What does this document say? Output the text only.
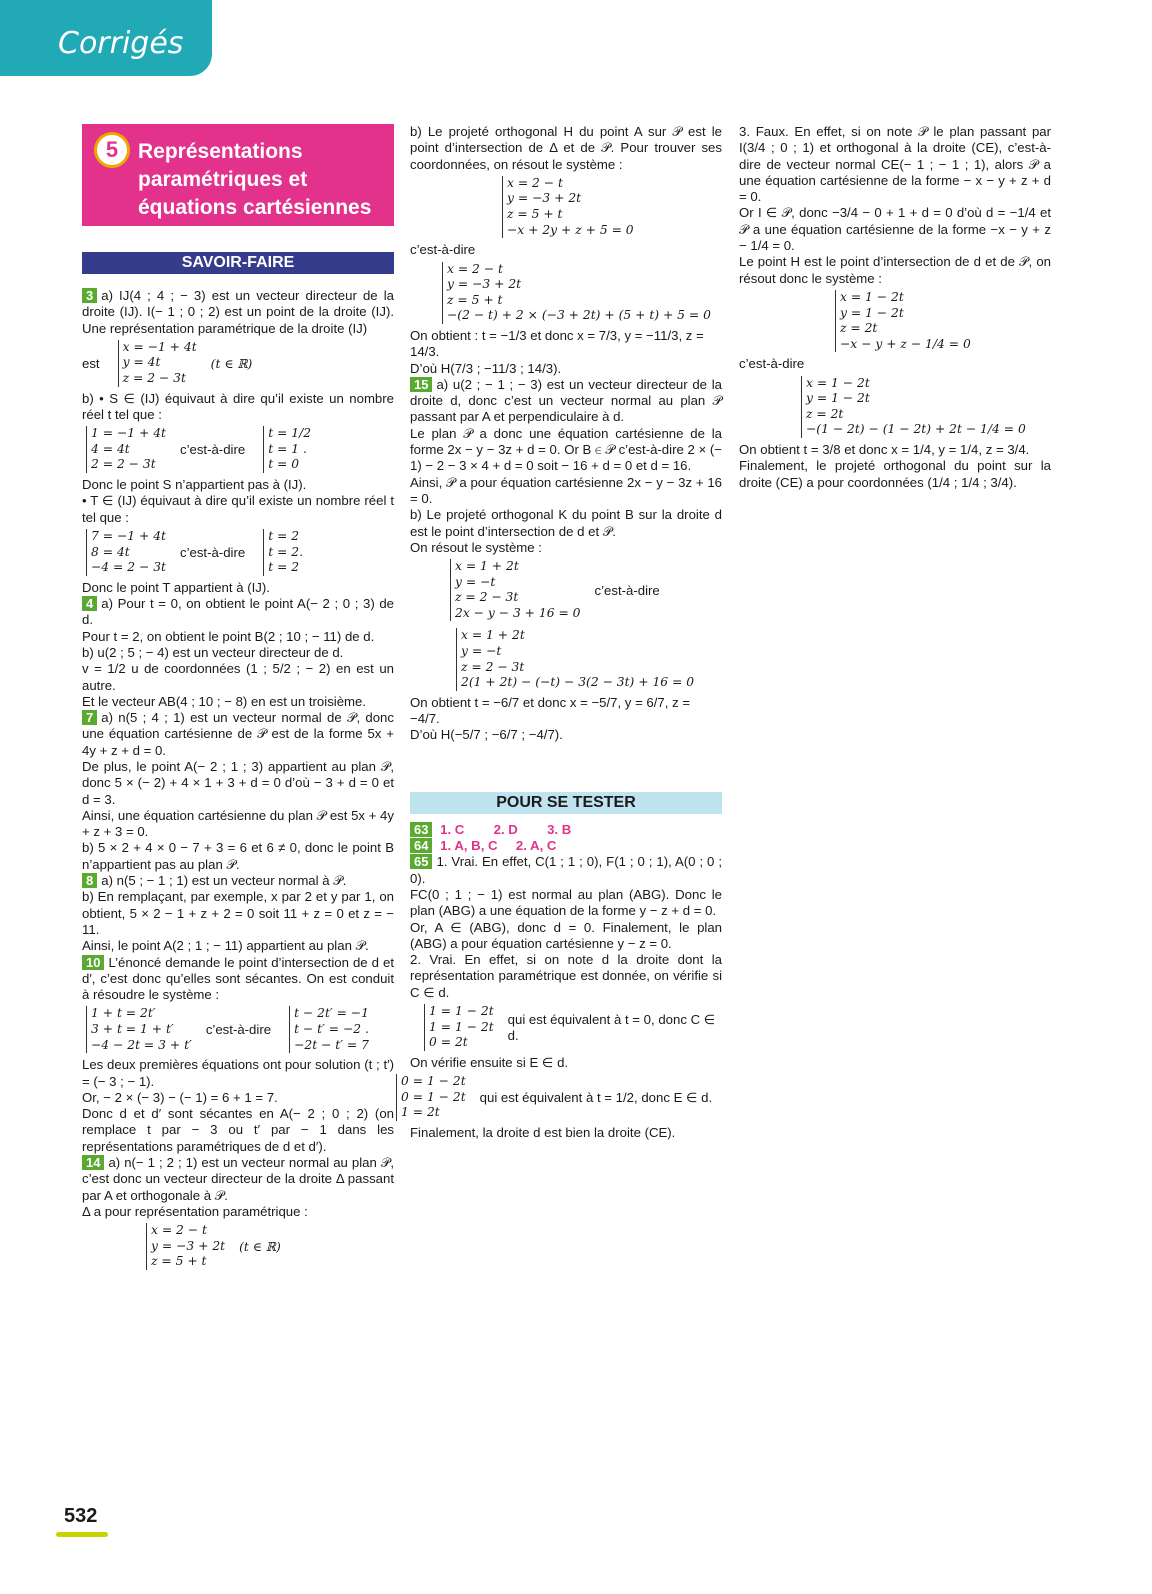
Corrigés
5 Représentations paramétriques et équations cartésiennes
SAVOIR-FAIRE

3 a) IJ(4 ; 4 ; − 3) est un vecteur directeur de la droite (IJ). I(− 1 ; 0 ; 2) est un point de la droite (IJ). Une représentation paramétrique de la droite (IJ)

est
x = −1 + 4t
y = 4t
z = 2 − 3t
(t ∈ ℝ)

b) • S ∈ (IJ) équivaut à dire qu’il existe un nombre réel t tel que :

1 = −1 + 4t
4 = 4t
2 = 2 − 3t
c’est-à-dire
t = 1/2
t = 1 .
t = 0

Donc le point S n’appartient pas à (IJ).

• T ∈ (IJ) équivaut à dire qu’il existe un nombre réel t tel que :

7 = −1 + 4t
8 = 4t
−4 = 2 − 3t
c’est-à-dire
t = 2
t = 2.
t = 2

Donc le point T appartient à (IJ).

4 a) Pour t = 0, on obtient le point A(− 2 ; 0 ; 3) de d.

Pour t = 2, on obtient le point B(2 ; 10 ; − 11) de d.

b) u(2 ; 5 ; − 4) est un vecteur directeur de d.

v = 1/2 u de coordonnées (1 ; 5/2 ; − 2) en est un autre.

Et le vecteur AB(4 ; 10 ; − 8) en est un troisième.

7 a) n(5 ; 4 ; 1) est un vecteur normal de 𝒫, donc une équation cartésienne de 𝒫 est de la forme 5x + 4y + z + d = 0.

De plus, le point A(− 2 ; 1 ; 3) appartient au plan 𝒫, donc 5 × (− 2) + 4 × 1 + 3 + d = 0 d’où − 3 + d = 0 et d = 3.

Ainsi, une équation cartésienne du plan 𝒫 est 5x + 4y + z + 3 = 0.

b) 5 × 2 + 4 × 0 − 7 + 3 = 6 et 6 ≠ 0, donc le point B n’appartient pas au plan 𝒫.

8 a) n(5 ; − 1 ; 1) est un vecteur normal à 𝒫.

b) En remplaçant, par exemple, x par 2 et y par 1, on obtient, 5 × 2 − 1 + z + 2 = 0 soit 11 + z = 0 et z = − 11.

Ainsi, le point A(2 ; 1 ; − 11) appartient au plan 𝒫.

10 L’énoncé demande le point d’intersection de d et d′, c’est donc qu’elles sont sécantes. On est conduit à résoudre le système :

1 + t = 2t′
3 + t = 1 + t′
−4 − 2t = 3 + t′
c’est-à-dire
t − 2t′ = −1
t − t′ = −2 .
−2t − t′ = 7

Les deux premières équations ont pour solution (t ; t′) = (− 3 ; − 1).

Or, − 2 × (− 3) − (− 1) = 6 + 1 = 7.

Donc d et d′ sont sécantes en A(− 2 ; 0 ; 2) (on remplace t par − 3 ou t′ par − 1 dans les représentations paramétriques de d et d′).

14 a) n(− 1 ; 2 ; 1) est un vecteur normal au plan 𝒫, c’est donc un vecteur directeur de la droite Δ passant par A et orthogonale à 𝒫.

Δ a pour représentation paramétrique :

x = 2 − t
y = −3 + 2t
z = 5 + t
(t ∈ ℝ)

b) Le projeté orthogonal H du point A sur 𝒫 est le point d’intersection de Δ et de 𝒫. Pour trouver ses coordonnées, on résout le système :

x = 2 − t
y = −3 + 2t
z = 5 + t
−x + 2y + z + 5 = 0

c’est-à-dire

x = 2 − t
y = −3 + 2t
z = 5 + t
−(2 − t) + 2 × (−3 + 2t) + (5 + t) + 5 = 0

On obtient : t = −1/3 et donc x = 7/3, y = −11/3, z = 14/3.

D’où H(7/3 ; −11/3 ; 14/3).

15 a) u(2 ; − 1 ; − 3) est un vecteur directeur de la droite d, donc c’est un vecteur normal au plan 𝒫 passant par A et perpendiculaire à d.

Le plan 𝒫 a donc une équation cartésienne de la forme 2x − y − 3z + d = 0. Or B ∈ 𝒫 c’est-à-dire 2 × (− 1) − 2 − 3 × 4 + d = 0 soit − 16 + d = 0 et d = 16.

Ainsi, 𝒫 a pour équation cartésienne 2x − y − 3z + 16 = 0.

b) Le projeté orthogonal K du point B sur la droite d est le point d’intersection de d et 𝒫.

On résout le système :

x = 1 + 2t
y = −t
z = 2 − 3t
2x − y − 3 + 16 = 0
c’est-à-dire
x = 1 + 2t
y = −t
z = 2 − 3t
2(1 + 2t) − (−t) − 3(2 − 3t) + 16 = 0

On obtient t = −6/7 et donc x = −5/7, y = 6/7, z = −4/7.

D’où H(−5/7 ; −6/7 ; −4/7).

POUR SE TESTER

63 1. C 2. D 3. B

64 1. A, B, C 2. A, C

65 1. Vrai. En effet, C(1 ; 1 ; 0), F(1 ; 0 ; 1), A(0 ; 0 ; 0).

FC(0 ; 1 ; − 1) est normal au plan (ABG). Donc le plan (ABG) a une équation de la forme y − z + d = 0.

Or, A ∈ (ABG), donc d = 0. Finalement, le plan (ABG) a pour équation cartésienne y − z = 0.

2. Vrai. En effet, si on note d la droite dont la représentation paramétrique est donnée, on vérifie si C ∈ d.

1 = 1 − 2t
1 = 1 − 2t
0 = 2t
qui est équivalent à t = 0, donc C ∈ d.

On vérifie ensuite si E ∈ d.

0 = 1 − 2t
0 = 1 − 2t
1 = 2t
qui est équivalent à t = 1/2, donc E ∈ d.

Finalement, la droite d est bien la droite (CE).

3. Faux. En effet, si on note 𝒫 le plan passant par I(3/4 ; 0 ; 1) et orthogonal à la droite (CE), c’est-à-dire de vecteur normal CE(− 1 ; − 1 ; 1), alors 𝒫 a une équation cartésienne de la forme − x − y + z + d = 0.

Or I ∈ 𝒫, donc −3/4 − 0 + 1 + d = 0 d’où d = −1/4 et 𝒫 a une équation cartésienne de la forme −x − y + z − 1/4 = 0.

Le point H est le point d’intersection de d et de 𝒫, on résout donc le système :

x = 1 − 2t
y = 1 − 2t
z = 2t
−x − y + z − 1/4 = 0

c’est-à-dire

x = 1 − 2t
y = 1 − 2t
z = 2t
−(1 − 2t) − (1 − 2t) + 2t − 1/4 = 0

On obtient t = 3/8 et donc x = 1/4, y = 1/4, z = 3/4.

Finalement, le projeté orthogonal du point sur la droite (CE) a pour coordonnées (1/4 ; 1/4 ; 3/4).

532
